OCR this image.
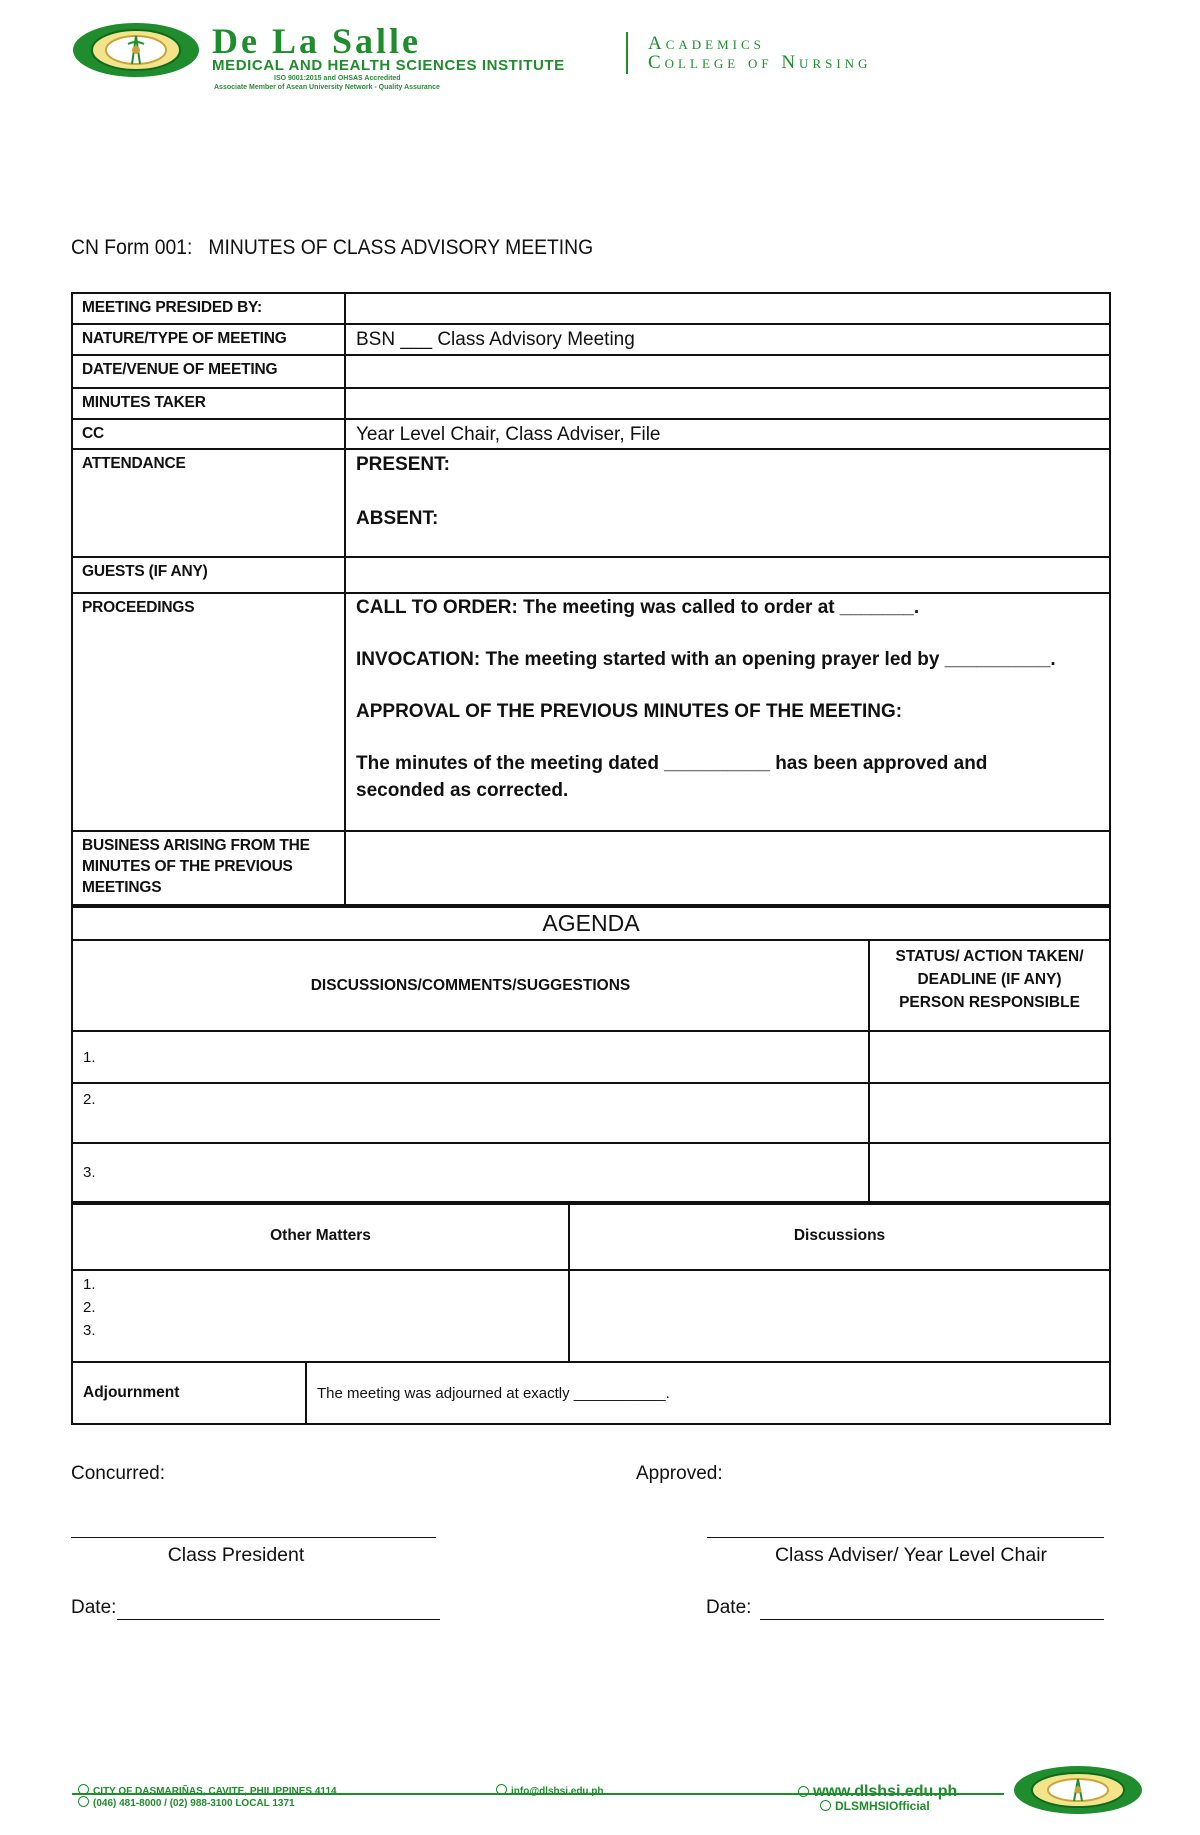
De La Salle
MEDICAL AND HEALTH SCIENCES INSTITUTE
ISO 9001:2015 and OHSAS Accredited
Associate Member of Asean University Network - Quality Assurance
Academics
College of Nursing
CN Form 001:   MINUTES OF CLASS ADVISORY MEETING
MEETING PRESIDED BY:	
NATURE/TYPE OF MEETING	BSN ___ Class Advisory Meeting
DATE/VENUE OF MEETING	
MINUTES TAKER	
CC	Year Level Chair, Class Adviser, File
ATTENDANCE	PRESENT:
ABSENT:

GUESTS (IF ANY)	
PROCEEDINGS	CALL TO ORDER: The meeting was called to order at _______.

INVOCATION: The meeting started with an opening prayer led by __________.

APPROVAL OF THE PREVIOUS MINUTES OF THE MEETING:

The minutes of the meeting dated __________ has been approved and seconded as corrected.

BUSINESS ARISING FROM THE MINUTES OF THE PREVIOUS MEETINGS	
AGENDA	
DISCUSSIONS/COMMENTS/SUGGESTIONS	STATUS/ ACTION TAKEN/ DEADLINE (IF ANY) PERSON RESPONSIBLE
1.	
2.	
3.	
Other Matters	Discussions

1.
2.
3.	

Adjournment	The meeting was adjourned at exactly ___________.
Concurred:	Approved:
Class President	Class Adviser/ Year Level Chair
Date:	Date:
CITY OF DASMARIÑAS, CAVITE, PHILIPPINES 4114
(046) 481-8000 / (02) 988-3100 LOCAL 1371
info@dlshsi.edu.ph	www.dlshsi.edu.ph
DLSMHSIOfficial
